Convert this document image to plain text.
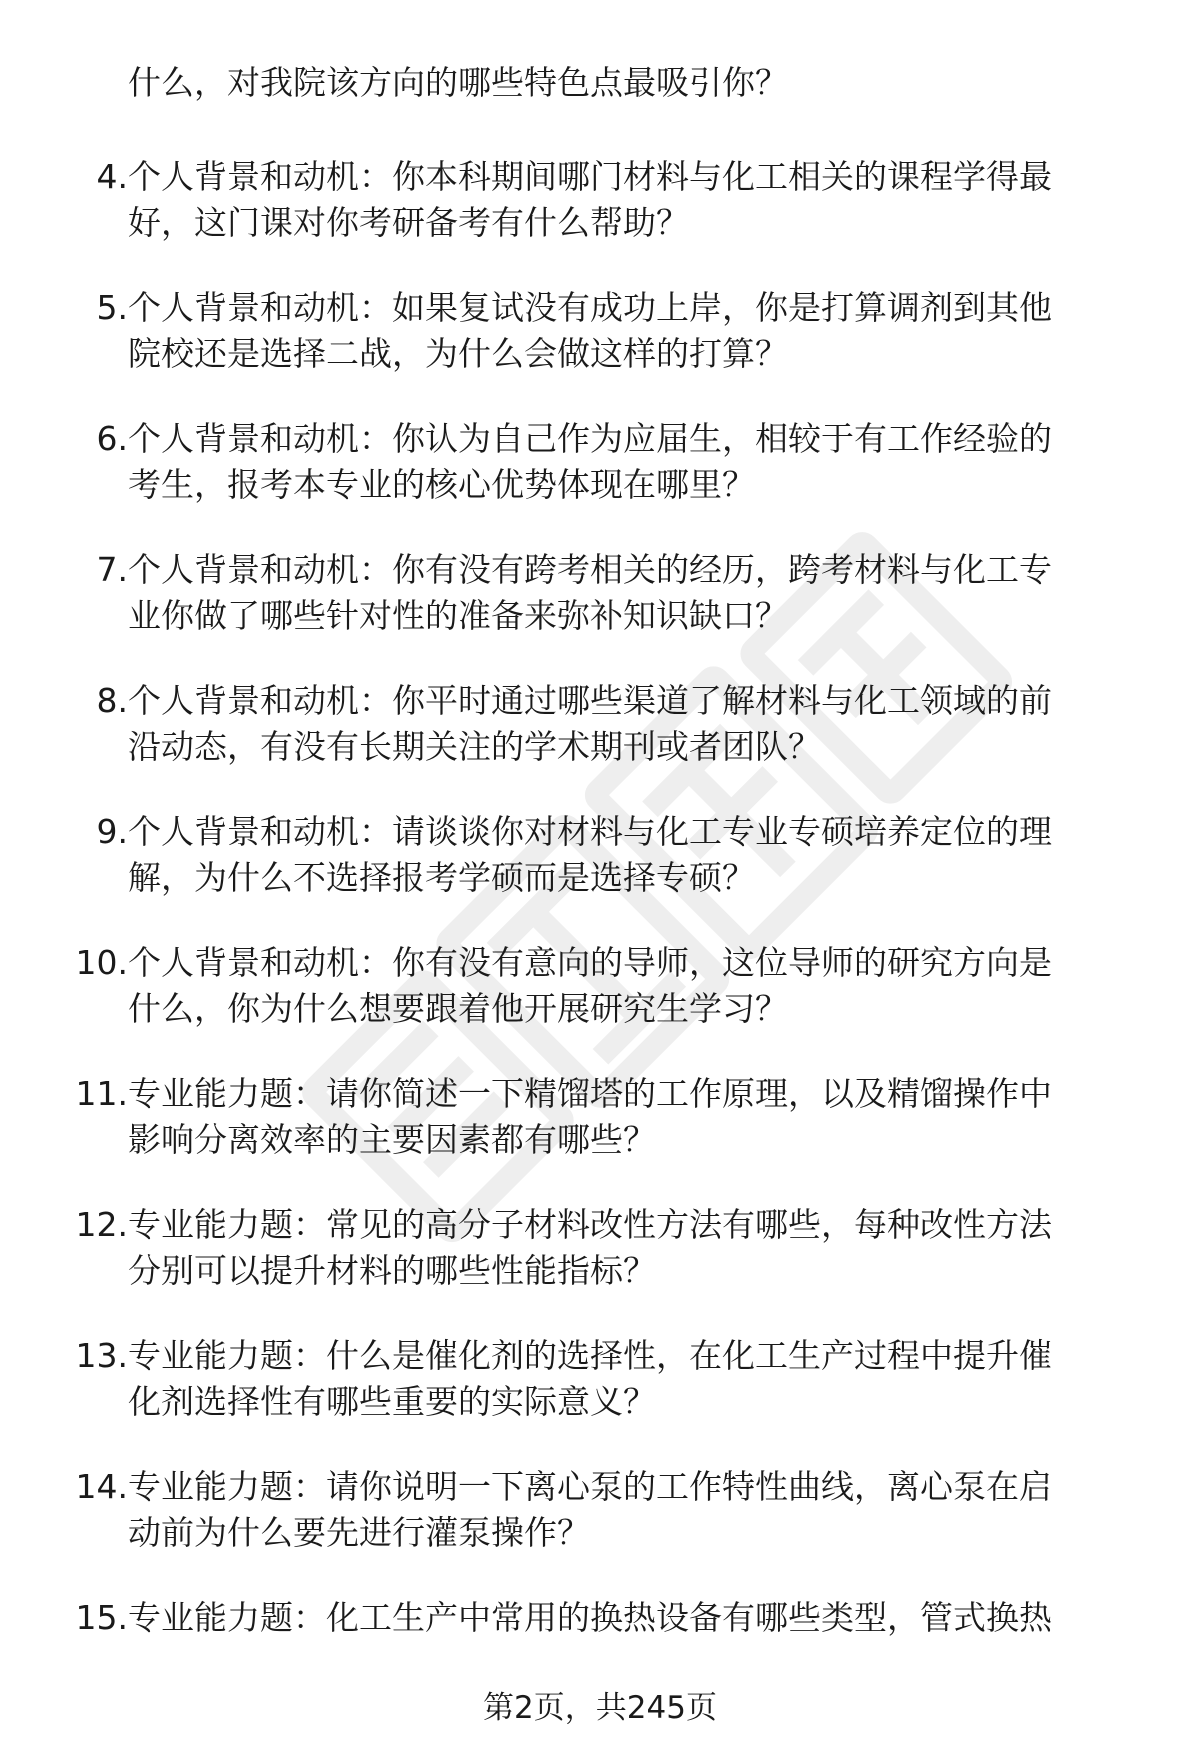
什么，对我院该方向的哪些特色点最吸引你？
4. 个人背景和动机：你本科期间哪门材料与化工相关的课程学得最
好，这门课对你考研备考有什么帮助？
5. 个人背景和动机：如果复试没有成功上岸，你是打算调剂到其他
院校还是选择二战，为什么会做这样的打算？
6. 个人背景和动机：你认为自己作为应届生，相较于有工作经验的
考生，报考本专业的核心优势体现在哪里？
7. 个人背景和动机：你有没有跨考相关的经历，跨考材料与化工专
业你做了哪些针对性的准备来弥补知识缺口？
8. 个人背景和动机：你平时通过哪些渠道了解材料与化工领域的前
沿动态，有没有长期关注的学术期刊或者团队？
9. 个人背景和动机：请谈谈你对材料与化工专业专硕培养定位的理
解，为什么不选择报考学硕而是选择专硕？
10. 个人背景和动机：你有没有意向的导师，这位导师的研究方向是
什么，你为什么想要跟着他开展研究生学习？
11. 专业能力题：请你简述一下精馏塔的工作原理，以及精馏操作中
影响分离效率的主要因素都有哪些？
12. 专业能力题：常见的高分子材料改性方法有哪些，每种改性方法
分别可以提升材料的哪些性能指标？
13. 专业能力题：什么是催化剂的选择性，在化工生产过程中提升催
化剂选择性有哪些重要的实际意义？
14. 专业能力题：请你说明一下离心泵的工作特性曲线，离心泵在启
动前为什么要先进行灌泵操作？
15. 专业能力题：化工生产中常用的换热设备有哪些类型，管式换热
第2页，共245页
